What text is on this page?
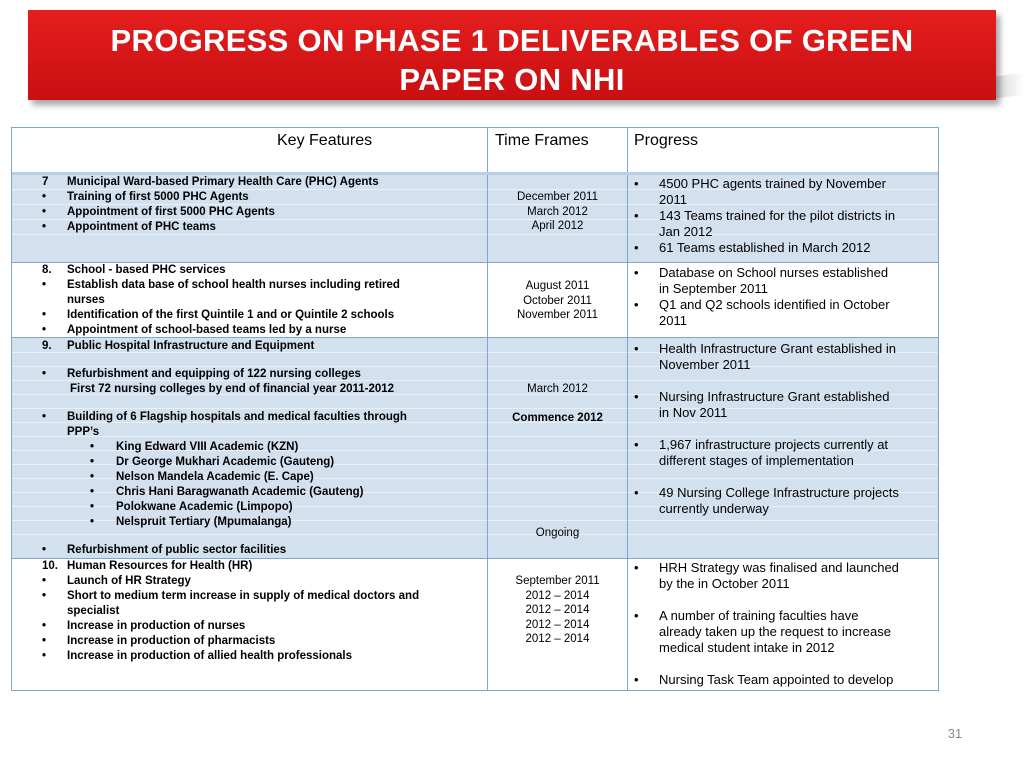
PROGRESS ON PHASE 1 DELIVERABLES OF GREEN
PAPER ON NHI
Key Features	Time Frames	Progress
7 Municipal Ward-based Primary Health Care (PHC) Agents
• Training of first 5000 PHC Agents
• Appointment of first 5000 PHC Agents
• Appointment of PHC teams
December 2011
March 2012
April 2012
• 4500 PHC agents trained by November
2011
• 143 Teams trained for the pilot districts in
Jan 2012
• 61 Teams established in March 2012
8. School - based PHC services
• Establish data base of school health nurses including retired
nurses
• Identification of the first Quintile 1 and or Quintile 2 schools
• Appointment of school-based teams led by a nurse
August 2011
October 2011
November 2011
• Database on School nurses established
in September 2011
• Q1 and Q2 schools identified in October
2011
9. Public Hospital Infrastructure and Equipment
• Refurbishment and equipping of 122 nursing colleges
First 72 nursing colleges by end of financial year 2011-2012
• Building of 6 Flagship hospitals and medical faculties through
PPP’s
• King Edward VIII Academic (KZN)
• Dr George Mukhari Academic (Gauteng)
• Nelson Mandela Academic (E. Cape)
• Chris Hani Baragwanath Academic (Gauteng)
• Polokwane Academic (Limpopo)
• Nelspruit Tertiary (Mpumalanga)
• Refurbishment of public sector facilities
March 2012
Commence 2012
Ongoing
• Health Infrastructure Grant established in
November 2011
• Nursing Infrastructure Grant established
in Nov 2011
• 1,967 infrastructure projects currently at
different stages of implementation
• 49 Nursing College Infrastructure projects
currently underway
10. Human Resources for Health (HR)
• Launch of HR Strategy
• Short to medium term increase in supply of medical doctors and
specialist
• Increase in production of nurses
• Increase in production of pharmacists
• Increase in production of allied health professionals
September 2011
2012 – 2014
2012 – 2014
2012 – 2014
2012 – 2014
• HRH Strategy was finalised and launched
by the in October 2011
• A number of training faculties have
already taken up the request to increase
medical student intake in 2012
• Nursing Task Team appointed to develop
31
